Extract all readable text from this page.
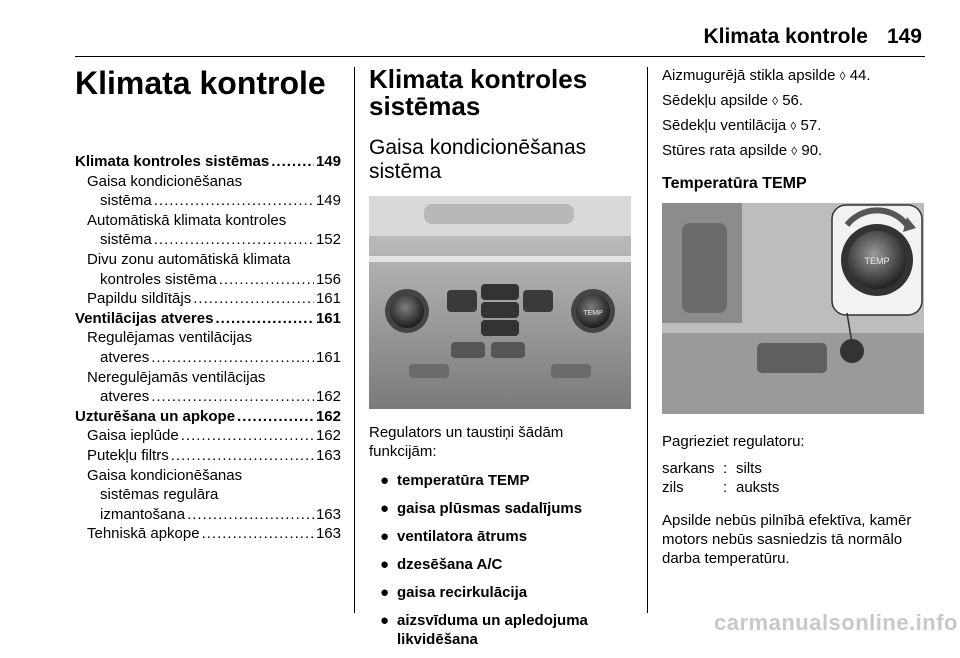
Klimata kontrole 149
Klimata kontrole
Klimata kontroles sistēmas .....	149
Gaisa kondicionēšanas
sistēma .....	149
Automātiskā klimata kontroles
sistēma .....	152
Divu zonu automātiskā klimata
kontroles sistēma .....	156
Papildu sildītājs .....	161
Ventilācijas atveres .....	161
Regulējamas ventilācijas
atveres .....	161
Neregulējamās ventilācijas
atveres .....	162
Uzturēšana un apkope .....	162
Gaisa ieplūde .....	162
Putekļu filtrs .....	163
Gaisa kondicionēšanas
sistēmas regulāra
izmantošana .....	163
Tehniskā apkope .....	163
Klimata kontroles
sistēmas
Gaisa kondicionēšanas
sistēma
TEMP
Regulators un taustiņi šādām
funkcijām:
● temperatūra TEMP
● gaisa plūsmas sadalījums
● ventilatora ātrums
● dzesēšana A/C
● gaisa recirkulācija
● aizsvīduma un apledojuma
likvidēšana
Aizmugurējā stikla apsilde ◊ 44.
Sēdekļu apsilde ◊ 56.
Sēdekļu ventilācija ◊ 57.
Stūres rata apsilde ◊ 90.
Temperatūra TEMP
TEMP
Pagrieziet regulatoru:
sarkans : silts
zils	: auksts
Apsilde nebūs pilnībā efektīva, kamēr
motors nebūs sasniedzis tā normālo
darba temperatūru.
carmanualsonline.info
